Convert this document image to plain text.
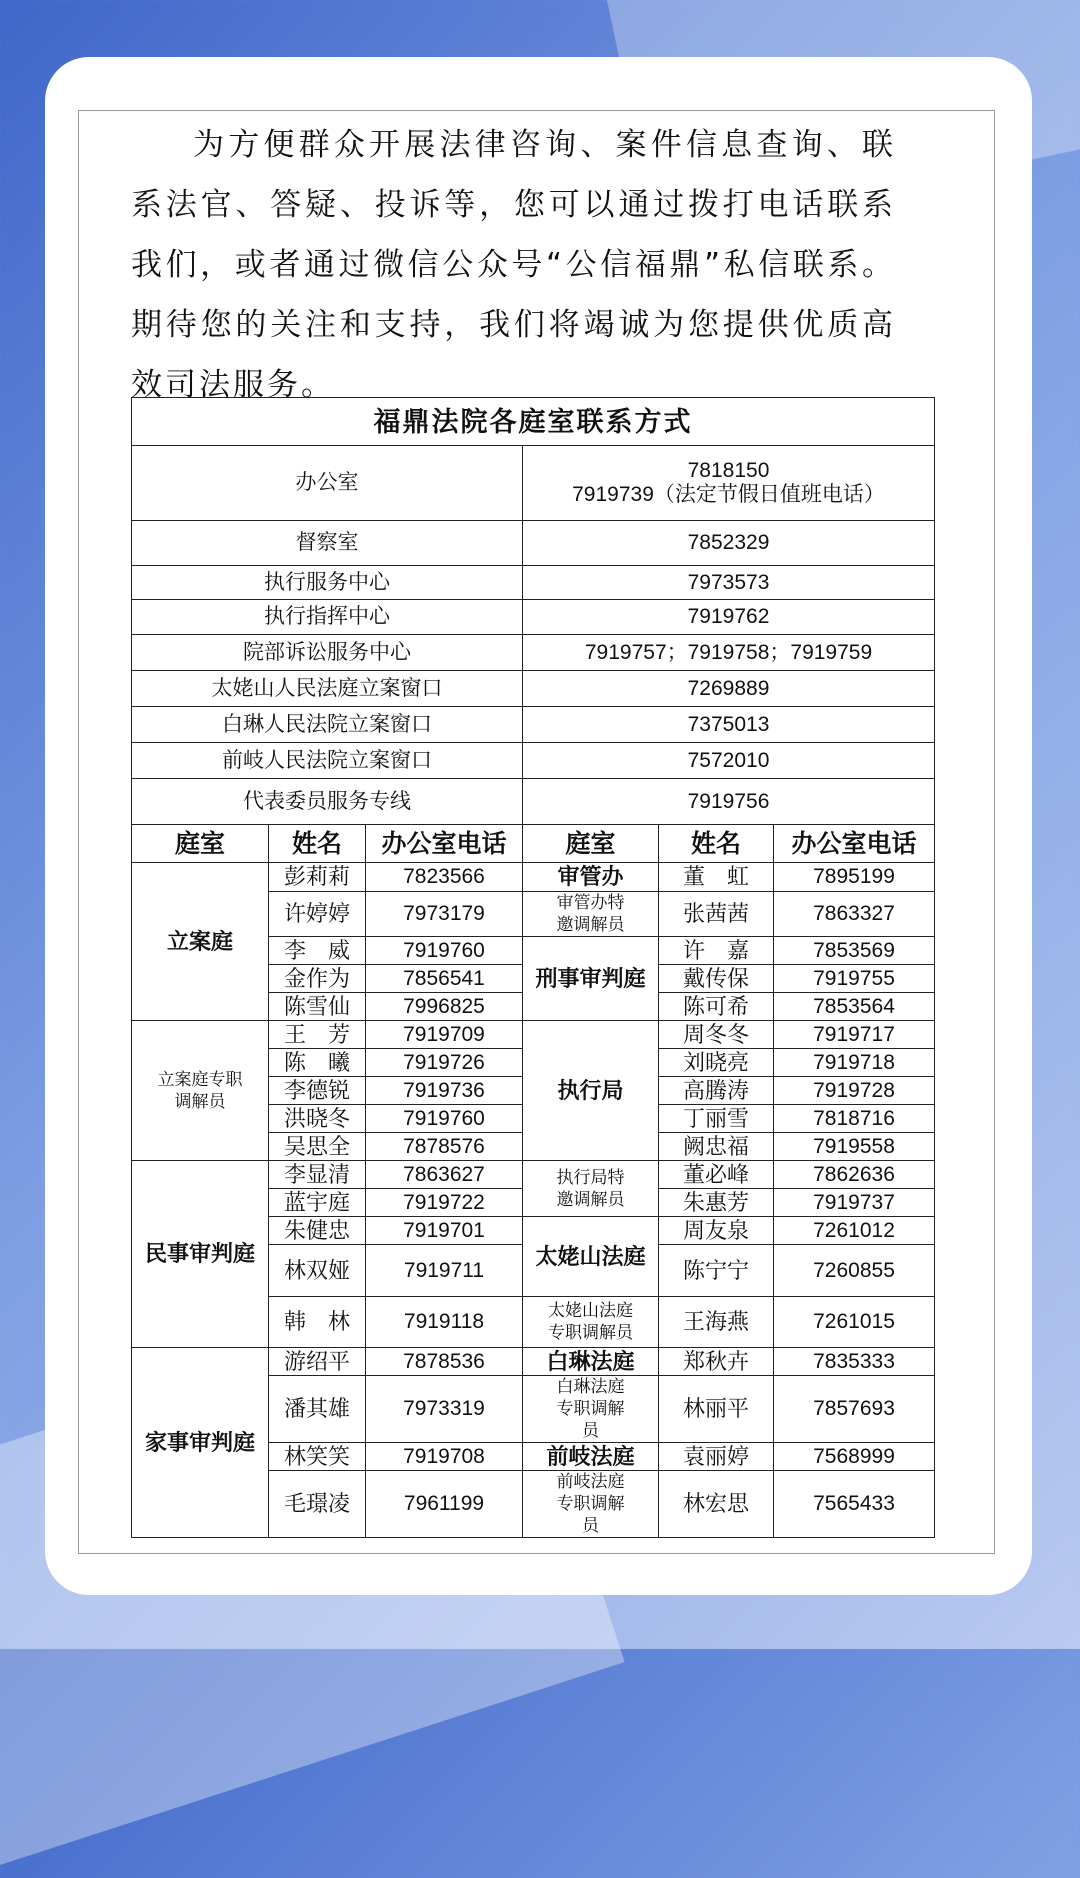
为方便群众开展法律咨询、案件信息查询、联系法官、答疑、投诉等，您可以通过拨打电话联系我们，或者通过微信公众号“公信福鼎”私信联系。期待您的关注和支持，我们将竭诚为您提供优质高效司法服务。

福鼎法院各庭室联系方式					
办公室			7818150
7919739（法定节假日值班电话）		

督察室			7852329		
执行服务中心			7973573		
执行指挥中心			7919762		
院部诉讼服务中心			7919757；7919758；7919759		
太姥山人民法庭立案窗口			7269889		
白琳人民法院立案窗口			7375013		
前岐人民法院立案窗口			7572010		
代表委员服务专线			7919756		
庭室	姓名	办公室电话	庭室	姓名	办公室电话
立案庭	彭莉莉	7823566	审管办	董　虹	7895199
	许婷婷	7973179	审管办特邀调解员	张茜茜	7863327
	李　威	7919760	刑事审判庭	许　嘉	7853569
	金作为	7856541		戴传保	7919755
	陈雪仙	7996825		陈可希	7853564
立案庭专职调解员	王　芳	7919709	执行局	周冬冬	7919717
	陈　曦	7919726		刘晓亮	7919718
	李德锐	7919736		高腾涛	7919728
	洪晓冬	7919760		丁丽雪	7818716
	吴思全	7878576		阙忠福	7919558
民事审判庭	李显清	7863627	执行局特邀调解员	董必峰	7862636
	蓝宇庭	7919722		朱惠芳	7919737
	朱健忠	7919701	太姥山法庭	周友泉	7261012
	林双娅	7919711		陈宁宁	7260855
	韩　林	7919118	太姥山法庭专职调解员	王海燕	7261015
家事审判庭	游绍平	7878536	白琳法庭	郑秋卉	7835333
	潘其雄	7973319	白琳法庭专职调解员	林丽平	7857693
	林笑笑	7919708	前岐法庭	袁丽婷	7568999
	毛璟凌	7961199	前岐法庭专职调解员	林宏思	7565433
